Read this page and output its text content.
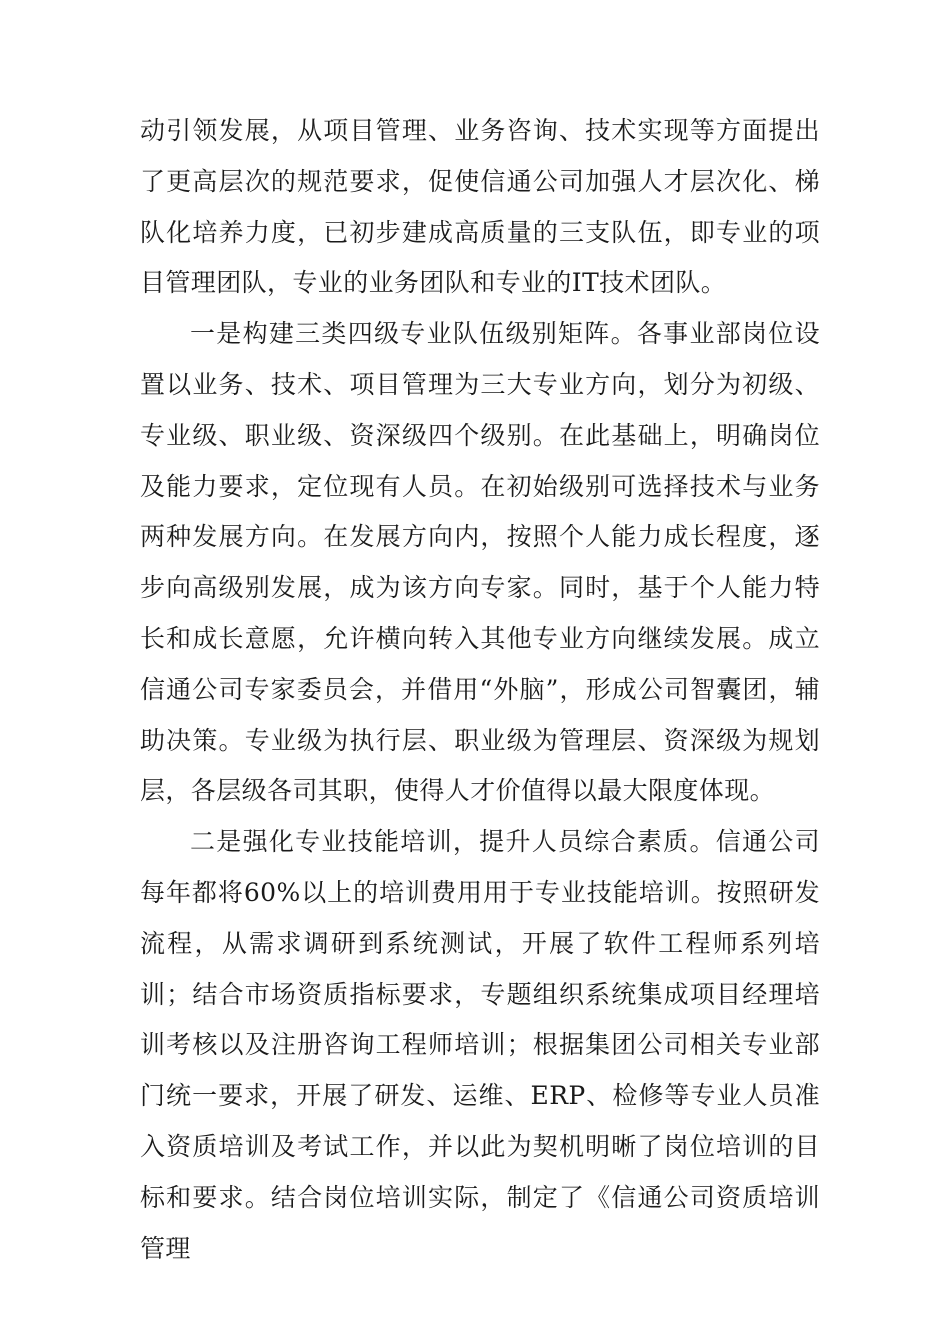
动引领发展，从项目管理、业务咨询、技术实现等方面提出了更高层次的规范要求，促使信通公司加强人才层次化、梯队化培养力度，已初步建成高质量的三支队伍，即专业的项目管理团队，专业的业务团队和专业的IT技术团队。

一是构建三类四级专业队伍级别矩阵。各事业部岗位设置以业务、技术、项目管理为三大专业方向，划分为初级、专业级、职业级、资深级四个级别。在此基础上，明确岗位及能力要求，定位现有人员。在初始级别可选择技术与业务两种发展方向。在发展方向内，按照个人能力成长程度，逐步向高级别发展，成为该方向专家。同时，基于个人能力特长和成长意愿，允许横向转入其他专业方向继续发展。成立信通公司专家委员会，并借用“外脑”，形成公司智囊团，辅助决策。专业级为执行层、职业级为管理层、资深级为规划层，各层级各司其职，使得人才价值得以最大限度体现。

二是强化专业技能培训，提升人员综合素质。信通公司每年都将60%以上的培训费用用于专业技能培训。按照研发流程，从需求调研到系统测试，开展了软件工程师系列培训；结合市场资质指标要求，专题组织系统集成项目经理培训考核以及注册咨询工程师培训；根据集团公司相关专业部门统一要求，开展了研发、运维、ERP、检修等专业人员准入资质培训及考试工作，并以此为契机明晰了岗位培训的目标和要求。结合岗位培训实际，制定了《信通公司资质培训管理
